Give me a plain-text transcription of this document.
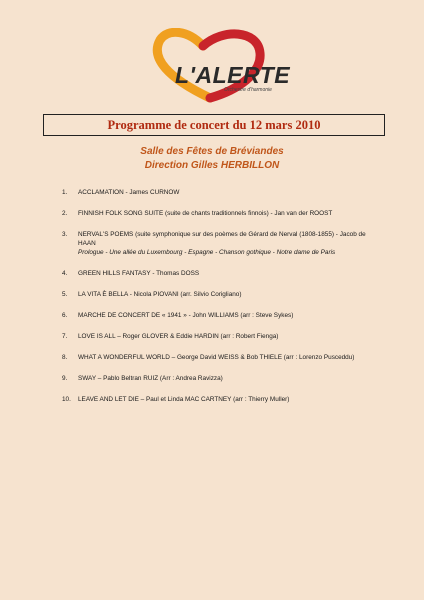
L'ALERTE
Orchestre d'harmonie
Programme de concert du 12 mars 2010
Salle des Fêtes de Bréviandes
Direction Gilles HERBILLON
1. ACCLAMATION - James CURNOW
2. FINNISH FOLK SONG SUITE (suite de chants traditionnels finnois) - Jan van der ROOST
3. NERVAL'S POEMS (suite symphonique sur des poèmes de Gérard de Nerval (1808-1855) - Jacob de HAAN
Prologue - Une allée du Luxembourg - Espagne - Chanson gothique - Notre dame de Paris
4. GREEN HILLS FANTASY - Thomas DOSS
5. LA VITA È BELLA - Nicola PIOVANI (arr. Silvio Corigliano)
6. MARCHE DE CONCERT DE « 1941 » - John WILLIAMS (arr : Steve Sykes)
7. LOVE IS ALL – Roger GLOVER & Eddie HARDIN (arr : Robert Fienga)
8. WHAT A WONDERFUL WORLD – George David WEISS & Bob THIELE (arr : Lorenzo Pusceddu)
9. SWAY – Pablo Beltran RUIZ (Arr : Andrea Ravizza)
10. LEAVE AND LET DIE – Paul et Linda MAC CARTNEY (arr : Thierry Muller)
